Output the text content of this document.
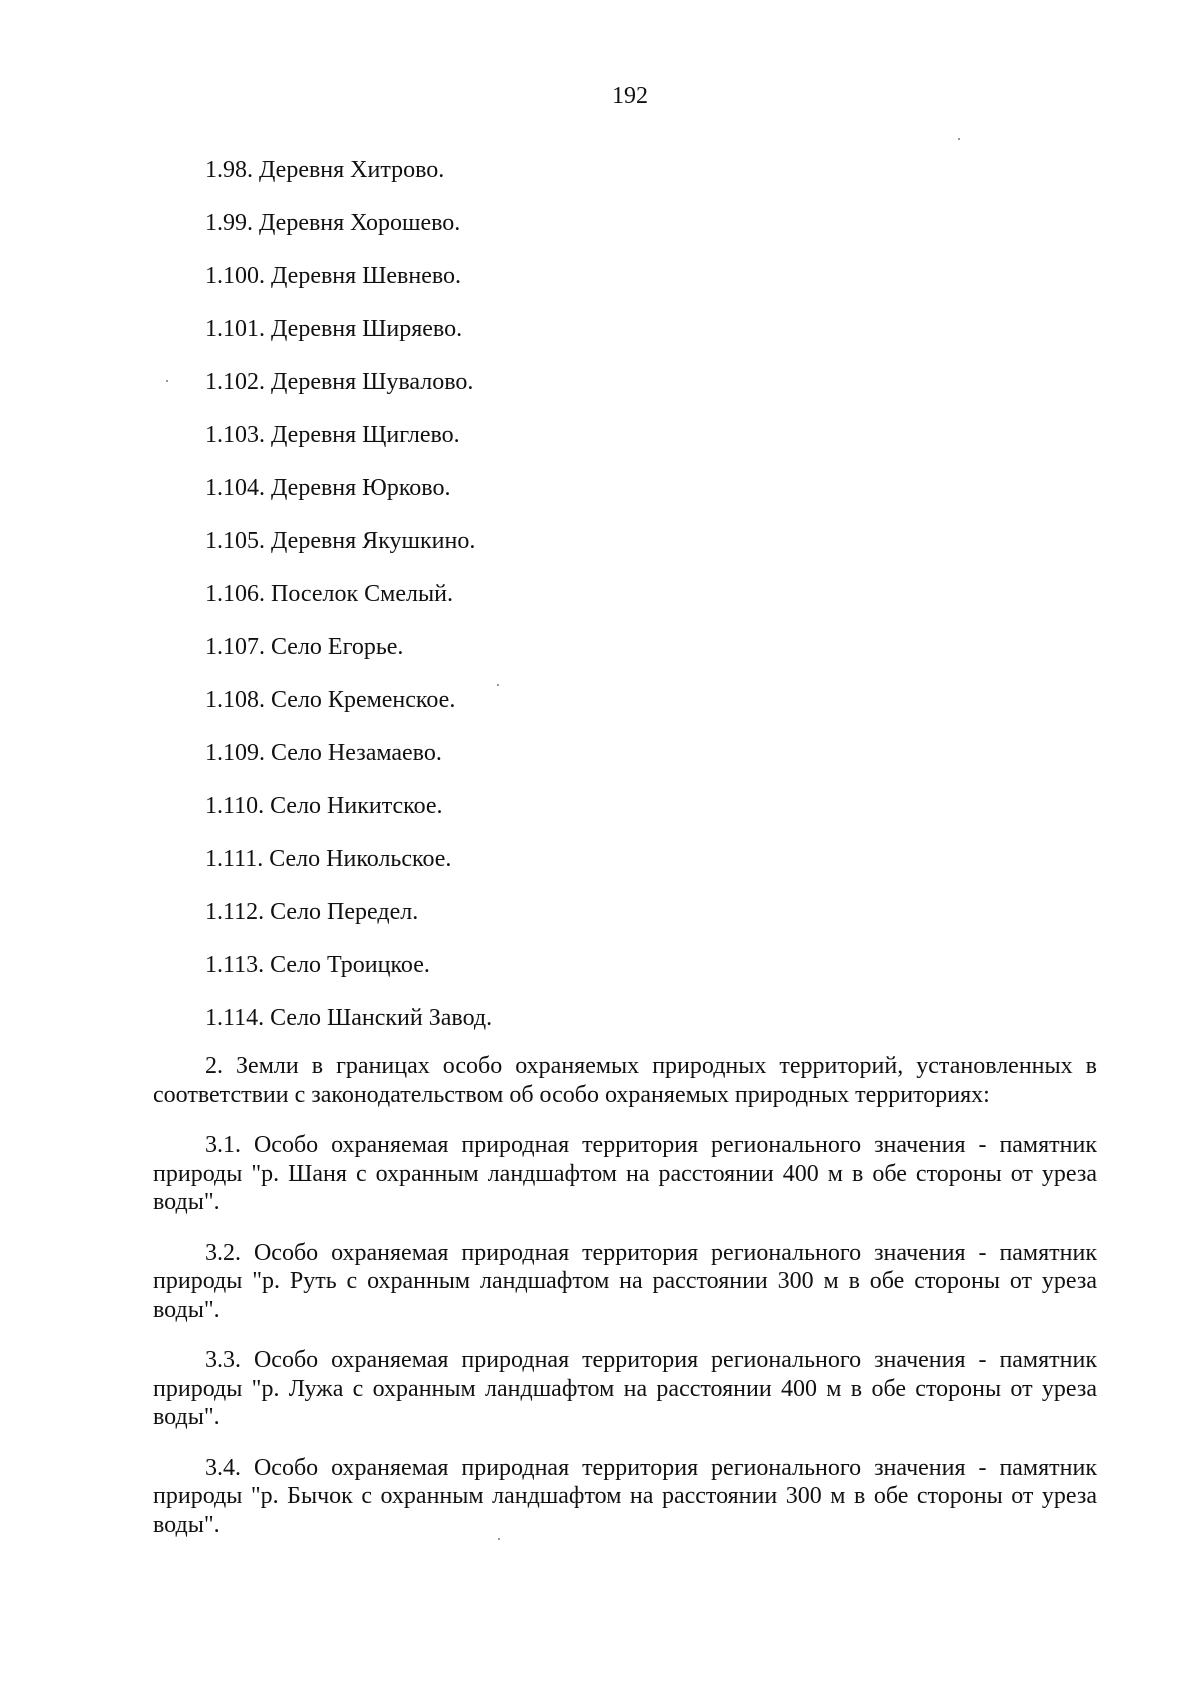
192
1.98. Деревня Хитрово.
1.99. Деревня Хорошево.
1.100. Деревня Шевнево.
1.101. Деревня Ширяево.
1.102. Деревня Шувалово.
1.103. Деревня Щиглево.
1.104. Деревня Юрково.
1.105. Деревня Якушкино.
1.106. Поселок Смелый.
1.107. Село Егорье.
1.108. Село Кременское.
1.109. Село Незамаево.
1.110. Село Никитское.
1.111. Село Никольское.
1.112. Село Передел.
1.113. Село Троицкое.
1.114. Село Шанский Завод.

2. Земли в границах особо охраняемых природных территорий, установленных в соответствии с законодательством об особо охраняемых природных территориях:

3.1. Особо охраняемая природная территория регионального значения - памятник природы "р. Шаня с охранным ландшафтом на расстоянии 400 м в обе стороны от уреза воды".

3.2. Особо охраняемая природная территория регионального значения - памятник природы "р. Руть с охранным ландшафтом на расстоянии 300 м в обе стороны от уреза воды".

3.3. Особо охраняемая природная территория регионального значения - памятник природы "р. Лужа с охранным ландшафтом на расстоянии 400 м в обе стороны от уреза воды".

3.4. Особо охраняемая природная территория регионального значения - памятник природы "р. Бычок с охранным ландшафтом на расстоянии 300 м в обе стороны от уреза воды".
